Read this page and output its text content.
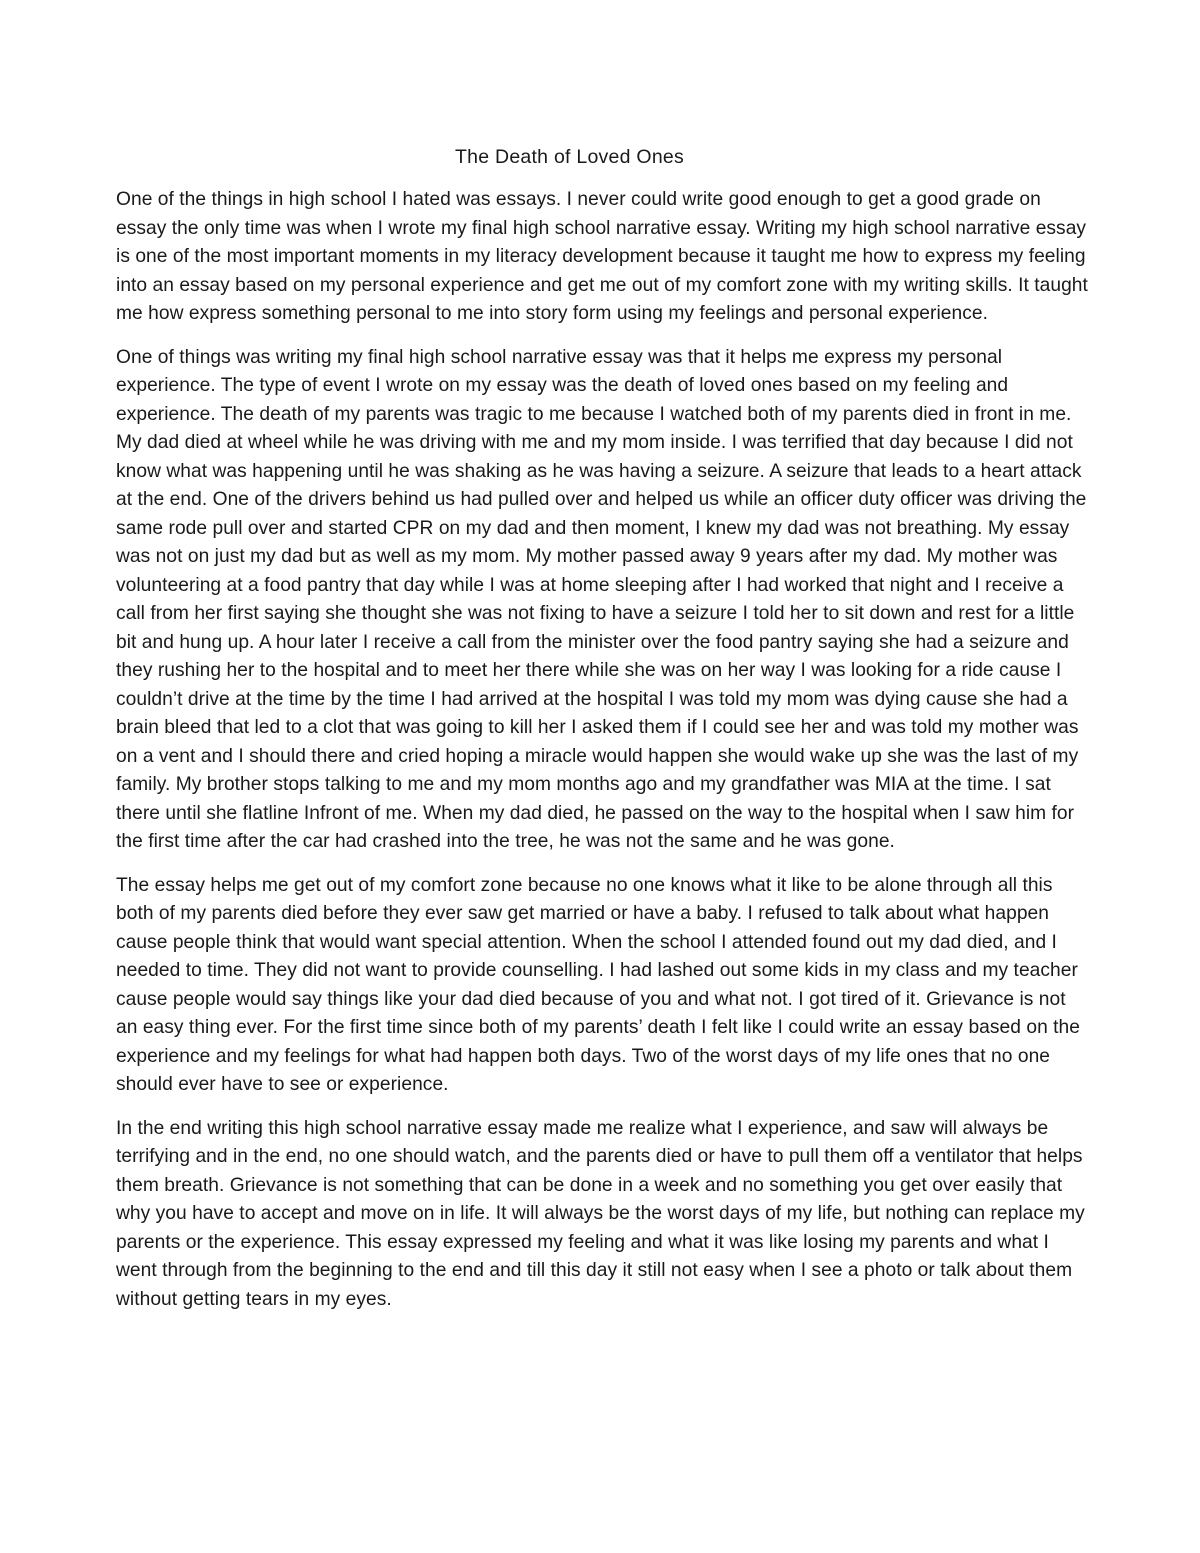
The Death of Loved Ones

One of the things in high school I hated was essays. I never could write good enough to get a good grade on essay the only time was when I wrote my final high school narrative essay. Writing my high school narrative essay is one of the most important moments in my literacy development because it taught me how to express my feeling into an essay based on my personal experience and get me out of my comfort zone with my writing skills. It taught me how express something personal to me into story form using my feelings and personal experience.

One of things was writing my final high school narrative essay was that it helps me express my personal experience. The type of event I wrote on my essay was the death of loved ones based on my feeling and experience. The death of my parents was tragic to me because I watched both of my parents died in front in me. My dad died at wheel while he was driving with me and my mom inside. I was terrified that day because I did not know what was happening until he was shaking as he was having a seizure. A seizure that leads to a heart attack at the end. One of the drivers behind us had pulled over and helped us while an officer duty officer was driving the same rode pull over and started CPR on my dad and then moment, I knew my dad was not breathing. My essay was not on just my dad but as well as my mom. My mother passed away 9 years after my dad. My mother was volunteering at a food pantry that day while I was at home sleeping after I had worked that night and I receive a call from her first saying she thought she was not fixing to have a seizure I told her to sit down and rest for a little bit and hung up. A hour later I receive a call from the minister over the food pantry saying she had a seizure and they rushing her to the hospital and to meet her there while she was on her way I was looking for a ride cause I couldn’t drive at the time by the time I had arrived at the hospital I was told my mom was dying cause she had a brain bleed that led to a clot that was going to kill her I asked them if I could see her and was told my mother was on a vent and I should there and cried hoping a miracle would happen she would wake up she was the last of my family. My brother stops talking to me and my mom months ago and my grandfather was MIA at the time. I sat there until she flatline Infront of me. When my dad died, he passed on the way to the hospital when I saw him for the first time after the car had crashed into the tree, he was not the same and he was gone.

The essay helps me get out of my comfort zone because no one knows what it like to be alone through all this both of my parents died before they ever saw get married or have a baby. I refused to talk about what happen cause people think that would want special attention. When the school I attended found out my dad died, and I needed to time. They did not want to provide counselling. I had lashed out some kids in my class and my teacher cause people would say things like your dad died because of you and what not. I got tired of it. Grievance is not an easy thing ever. For the first time since both of my parents’ death I felt like I could write an essay based on the experience and my feelings for what had happen both days. Two of the worst days of my life ones that no one should ever have to see or experience.

In the end writing this high school narrative essay made me realize what I experience, and saw will always be terrifying and in the end, no one should watch, and the parents died or have to pull them off a ventilator that helps them breath. Grievance is not something that can be done in a week and no something you get over easily that why you have to accept and move on in life. It will always be the worst days of my life, but nothing can replace my parents or the experience. This essay expressed my feeling and what it was like losing my parents and what I went through from the beginning to the end and till this day it still not easy when I see a photo or talk about them without getting tears in my eyes.
